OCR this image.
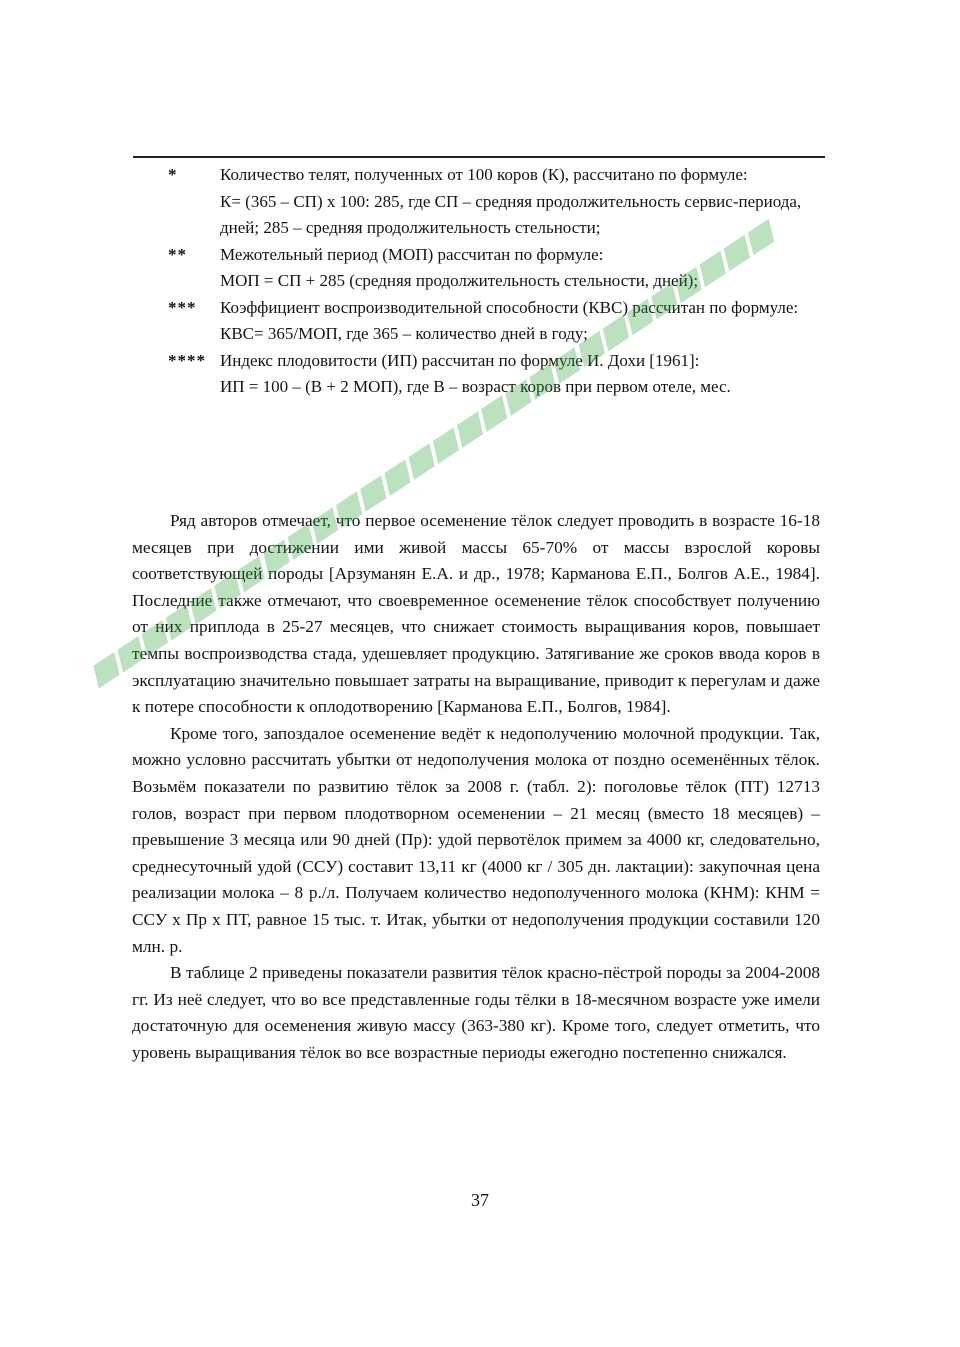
*	Количество телят, полученных от 100 коров (К), рассчитано по формуле:

К= (365 – СП) х 100: 285, где СП – средняя продолжительность сервис-периода, дней; 285 – средняя продолжительность стельности;

**	Межотельный период (МОП) рассчитан по формуле:

МОП = СП + 285 (средняя продолжительность стельности, дней);

***	Коэффициент воспроизводительной способности (КВС) рассчитан по формуле:

КВС= 365/МОП, где 365 – количество дней в году;

**** Индекс плодовитости (ИП) рассчитан по формуле И. Дохи [1961]:

ИП = 100 – (В + 2 МОП), где В – возраст коров при первом отеле, мес.

Ряд авторов отмечает, что первое осеменение тёлок следует проводить в возрасте 16-18 месяцев при достижении ими живой массы 65-70% от массы взрослой коровы соответствующей породы [Арзуманян Е.А. и др., 1978; Карманова Е.П., Болгов А.Е., 1984]. Последние также отмечают, что своевременное осеменение тёлок способствует получению от них приплода в 25-27 месяцев, что снижает стоимость выращивания коров, повышает темпы воспроизводства стада, удешевляет продукцию. Затягивание же сроков ввода коров в эксплуатацию значительно повышает затраты на выращивание, приводит к перегулам и даже к потере способности к оплодотворению [Карманова Е.П., Болгов, 1984].

Кроме того, запоздалое осеменение ведёт к недополучению молочной продукции. Так, можно условно рассчитать убытки от недополучения молока от поздно осеменённых тёлок. Возьмём показатели по развитию тёлок за 2008 г. (табл. 2): поголовье тёлок (ПТ) 12713 голов, возраст при первом плодотворном осеменении – 21 месяц (вместо 18 месяцев) – превышение 3 месяца или 90 дней (Пр): удой первотёлок примем за 4000 кг, следовательно, среднесуточный удой (ССУ) составит 13,11 кг (4000 кг / 305 дн. лактации): закупочная цена реализации молока – 8 р./л. Получаем количество недополученного молока (КНМ): КНМ = ССУ х Пр х ПТ, равное 15 тыс. т. Итак, убытки от недополучения продукции составили 120 млн. р.

В таблице 2 приведены показатели развития тёлок красно-пёстрой породы за 2004-2008 гг. Из неё следует, что во все представленные годы тёлки в 18-месячном возрасте уже имели достаточную для осеменения живую массу (363-380 кг). Кроме того, следует отметить, что уровень выращивания тёлок во все возрастные периоды ежегодно постепенно снижался.

37
